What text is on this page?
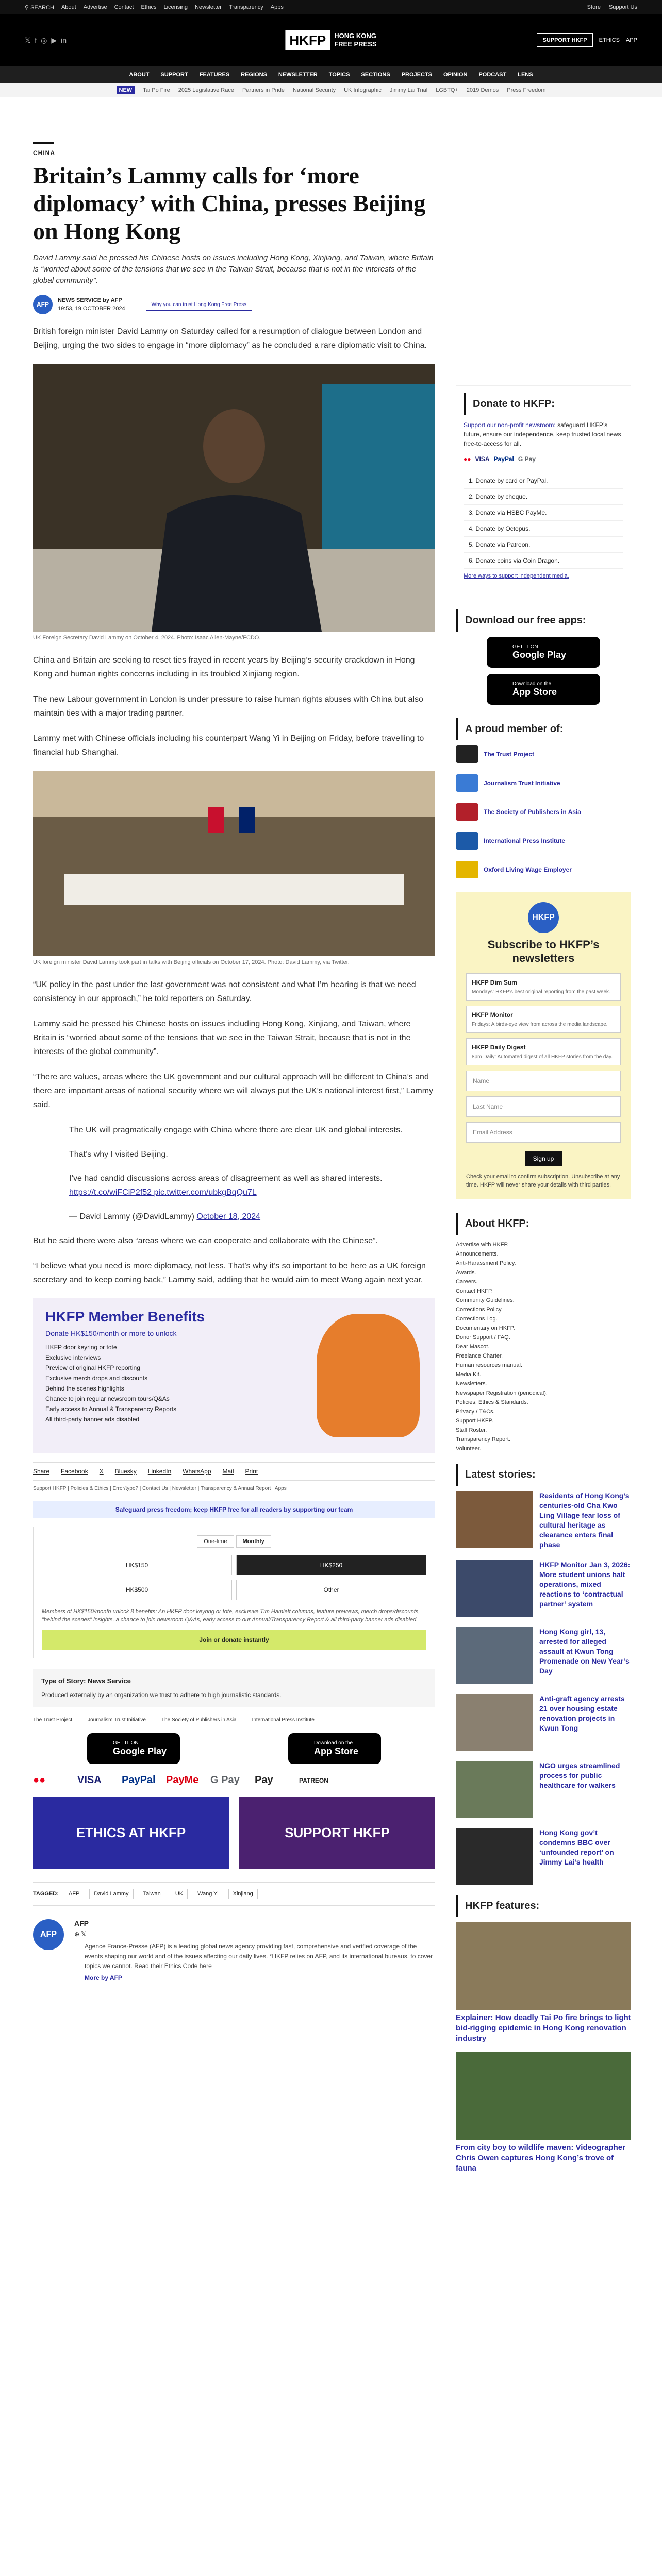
⚲ SEARCH About Advertise Contact Ethics Licensing Newsletter Transparency Apps	Store Support Us
𝕏 f ◎ ▶ in	HKFP	HONG KONG
FREE PRESS	SUPPORT HKFP	ETHICS APP
ABOUT SUPPORT FEATURES REGIONS NEWSLETTER TOPICS SECTIONS PROJECTS OPINION PODCAST LENS
NEW	Tai Po Fire 2025 Legislative Race Partners in Pride National Security UK Infographic Jimmy Lai Trial LGBTQ+ 2019 Demos Press Freedom
CHINA
Britain’s Lammy calls for ‘more diplomacy’ with China, presses Beijing on Hong Kong

David Lammy said he pressed his Chinese hosts on issues including Hong Kong, Xinjiang, and Taiwan, where Britain is “worried about some of the tensions that we see in the Taiwan Strait, because that is not in the interests of the global community”.

AFP
NEWS SERVICE by AFP
19:53, 19 OCTOBER 2024
Why you can trust Hong Kong Free Press

British foreign minister David Lammy on Saturday called for a resumption of dialogue between London and Beijing, urging the two sides to engage in “more diplomacy” as he concluded a rare diplomatic visit to China.

UK Foreign Secretary David Lammy on October 4, 2024. Photo: Isaac Allen-Mayne/FCDO.

China and Britain are seeking to reset ties frayed in recent years by Beijing’s security crackdown in Hong Kong and human rights concerns including in its troubled Xinjiang region.

The new Labour government in London is under pressure to raise human rights abuses with China but also maintain ties with a major trading partner.

Lammy met with Chinese officials including his counterpart Wang Yi in Beijing on Friday, before travelling to financial hub Shanghai.

UK foreign minister David Lammy took part in talks with Beijing officials on October 17, 2024. Photo: David Lammy, via Twitter.

“UK policy in the past under the last government was not consistent and what I’m hearing is that we need consistency in our approach,” he told reporters on Saturday.

Lammy said he pressed his Chinese hosts on issues including Hong Kong, Xinjiang, and Taiwan, where Britain is “worried about some of the tensions that we see in the Taiwan Strait, because that is not in the interests of the global community”.

“There are values, areas where the UK government and our cultural approach will be different to China’s and there are important areas of national security where we will always put the UK’s national interest first,” Lammy said.

The UK will pragmatically engage with China where there are clear UK and global interests.

That’s why I visited Beijing.

I’ve had candid discussions across areas of disagreement as well as shared interests. https://t.co/wiFCiP2f52 pic.twitter.com/ubkgBqQu7L

— David Lammy (@DavidLammy) October 18, 2024

But he said there were also “areas where we can cooperate and collaborate with the Chinese”.

“I believe what you need is more diplomacy, not less. That’s why it’s so important to be here as a UK foreign secretary and to keep coming back,” Lammy said, adding that he would aim to meet Wang again next year.

HKFP Member Benefits
Donate HK$150/month or more to unlock
HKFP door keyring or tote
Exclusive interviews
Preview of original HKFP reporting
Exclusive merch drops and discounts
Behind the scenes highlights
Chance to join regular newsroom tours/Q&As
Early access to Annual & Transparency Reports
All third-party banner ads disabled
Share Facebook X Bluesky LinkedIn WhatsApp Mail Print
Support HKFP | Policies & Ethics | Error/typo? | Contact Us | Newsletter | Transparency & Annual Report | Apps
Safeguard press freedom; keep HKFP free for all readers by supporting our team
One-time	Monthly
HK$150	HK$250
HK$500	Other
Members of HK$150/month unlock 8 benefits: An HKFP door keyring or tote, exclusive Tim Hamlett columns, feature previews, merch drops/discounts, "behind the scenes" insights, a chance to join newsroom Q&As, early access to our Annual/Transparency Report & all third-party banner ads disabled.
Join or donate instantly
Type of Story: News Service
Produced externally by an organization we trust to adhere to high journalistic standards.
The Trust Project	Journalism Trust Initiative	The Society of Publishers in Asia	International Press Institute
GET IT ON
Google Play
Download on the
App Store
●●	VISA	PayPal PayMe	G Pay	Pay	PATREON
ETHICS AT HKFP	SUPPORT HKFP
TAGGED:	AFP	David Lammy	Taiwan	UK	Wang Yi	Xinjiang
AFP
AFP
⊕ 𝕏
Agence France-Presse (AFP) is a leading global news agency providing fast, comprehensive and verified coverage of the events shaping our world and of the issues affecting our daily lives. *HKFP relies on AFP, and its international bureaus, to cover topics we cannot. Read their Ethics Code here
More by AFP
Donate to HKFP:
Support our non-profit newsroom: safeguard HKFP’s future, ensure our independence, keep trusted local news free-to-access for all.
●● VISA PayPal G Pay
1. Donate by card or PayPal.
2. Donate by cheque.
3. Donate via HSBC PayMe.
4. Donate by Octopus.
5. Donate via Patreon.
6. Donate coins via Coin Dragon.
More ways to support independent media.
Download our free apps:
GET IT ON
Google Play
Download on the
App Store
A proud member of:
The Trust Project
Journalism Trust Initiative
The Society of Publishers in Asia
International Press Institute
Oxford Living Wage Employer
HKFP
Subscribe to HKFP’s newsletters
HKFP Dim Sum
Mondays: HKFP’s best original reporting from the past week.
HKFP Monitor
Fridays: A birds-eye view from across the media landscape.
HKFP Daily Digest
8pm Daily: Automated digest of all HKFP stories from the day.
Name
Last Name
Email Address
Sign up
Check your email to confirm subscription. Unsubscribe at any time. HKFP will never share your details with third parties.
About HKFP:
Advertise with HKFP.
Announcements.
Anti-Harassment Policy.
Awards.
Careers.
Contact HKFP.
Community Guidelines.
Corrections Policy.
Corrections Log.
Documentary on HKFP.
Donor Support / FAQ.
Dear Mascot.
Freelance Charter.
Human resources manual.
Media Kit.
Newsletters.
Newspaper Registration (periodical).
Policies, Ethics & Standards.
Privacy / T&Cs.
Support HKFP.
Staff Roster.
Transparency Report.
Volunteer.
Latest stories:
Residents of Hong Kong’s centuries-old Cha Kwo Ling Village fear loss of cultural heritage as clearance enters final phase
HKFP Monitor Jan 3, 2026: More student unions halt operations, mixed reactions to ‘contractual partner’ system
Hong Kong girl, 13, arrested for alleged assault at Kwun Tong Promenade on New Year’s Day
Anti-graft agency arrests 21 over housing estate renovation projects in Kwun Tong
NGO urges streamlined process for public healthcare for walkers
Hong Kong gov’t condemns BBC over ‘unfounded report’ on Jimmy Lai’s health
HKFP features:
Explainer: How deadly Tai Po fire brings to light bid-rigging epidemic in Hong Kong renovation industry
From city boy to wildlife maven: Videographer Chris Owen captures Hong Kong’s trove of fauna
